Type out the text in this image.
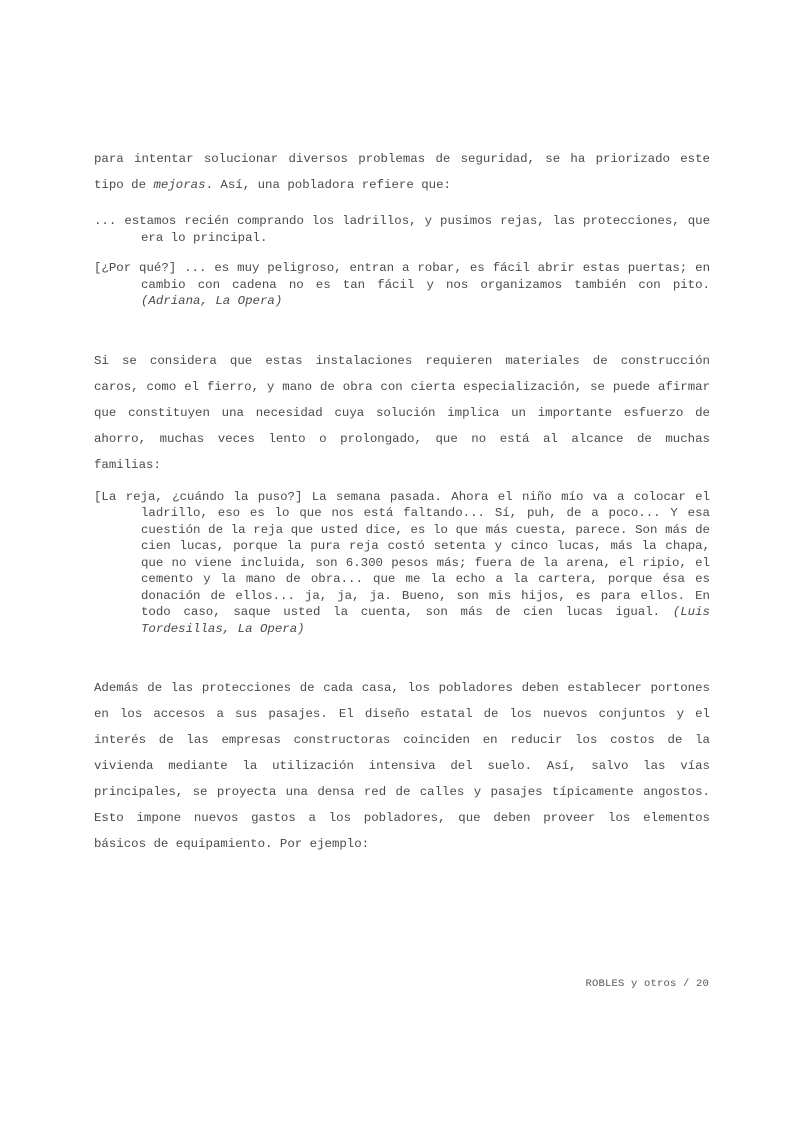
para intentar solucionar diversos problemas de seguridad, se ha priorizado este tipo de mejoras. Así, una pobladora refiere que:

... estamos recién comprando los ladrillos, y pusimos rejas, las protecciones, que era lo principal.

[¿Por qué?] ... es muy peligroso, entran a robar, es fácil abrir estas puertas; en cambio con cadena no es tan fácil y nos organizamos también con pito. (Adriana, La Opera)

Si se considera que estas instalaciones requieren materiales de construcción caros, como el fierro, y mano de obra con cierta especialización, se puede afirmar que constituyen una necesidad cuya solución implica un importante esfuerzo de ahorro, muchas veces lento o prolongado, que no está al alcance de muchas familias:

[La reja, ¿cuándo la puso?] La semana pasada. Ahora el niño mío va a colocar el ladrillo, eso es lo que nos está faltando... Sí, puh, de a poco... Y esa cuestión de la reja que usted dice, es lo que más cuesta, parece. Son más de cien lucas, porque la pura reja costó setenta y cinco lucas, más la chapa, que no viene incluida, son 6.300 pesos más; fuera de la arena, el ripio, el cemento y la mano de obra... que me la echo a la cartera, porque ésa es donación de ellos... ja, ja, ja. Bueno, son mis hijos, es para ellos. En todo caso, saque usted la cuenta, son más de cien lucas igual. (Luis Tordesillas, La Opera)

Además de las protecciones de cada casa, los pobladores deben establecer portones en los accesos a sus pasajes. El diseño estatal de los nuevos conjuntos y el interés de las empresas constructoras coinciden en reducir los costos de la vivienda mediante la utilización intensiva del suelo. Así, salvo las vías principales, se proyecta una densa red de calles y pasajes típicamente angostos. Esto impone nuevos gastos a los pobladores, que deben proveer los elementos básicos de equipamiento. Por ejemplo:

ROBLES y otros / 20
